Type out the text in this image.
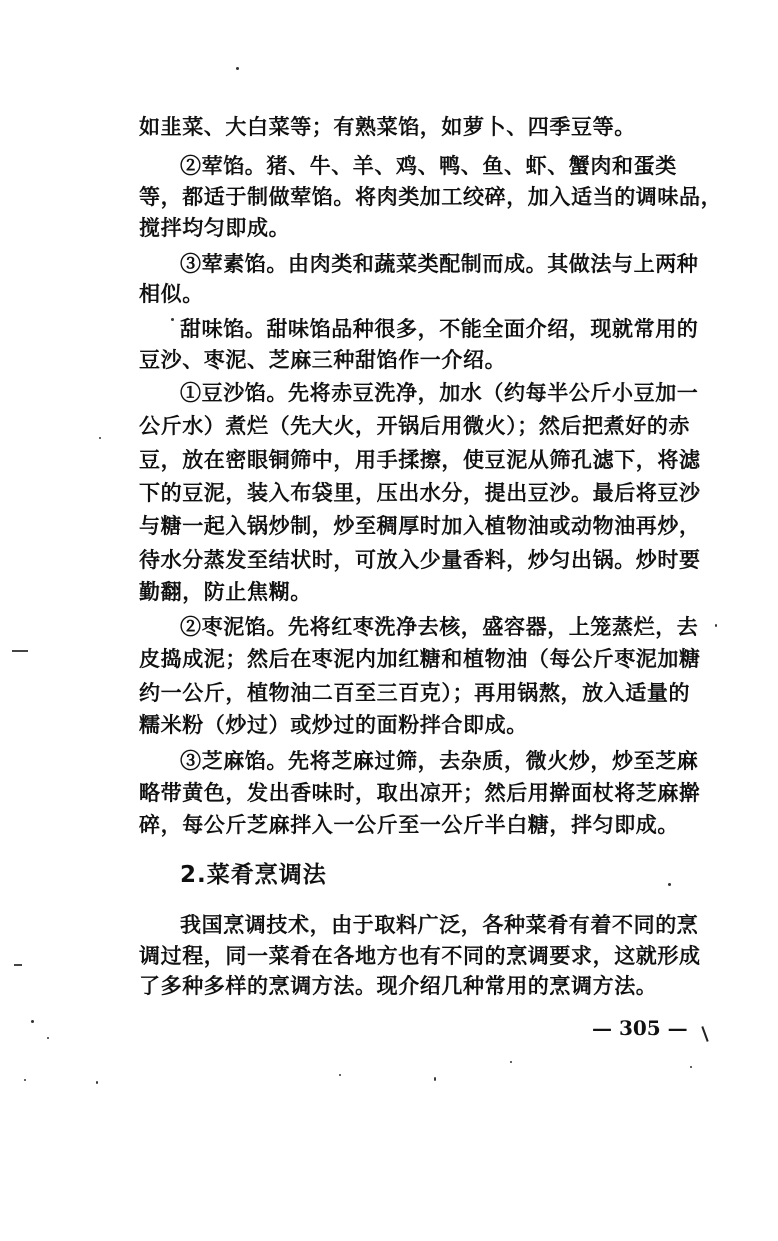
如韭菜、大白菜等；有熟菜馅，如萝卜、四季豆等。
②荤馅。猪、牛、羊、鸡、鸭、鱼、虾、蟹肉和蛋类
等，都适于制做荤馅。将肉类加工绞碎，加入适当的调味品，
搅拌均匀即成。
③荤素馅。由肉类和蔬菜类配制而成。其做法与上两种
相似。
甜味馅。甜味馅品种很多，不能全面介绍，现就常用的
豆沙、枣泥、芝麻三种甜馅作一介绍。
①豆沙馅。先将赤豆洗净，加水（约每半公斤小豆加一
公斤水）煮烂（先大火，开锅后用微火）；然后把煮好的赤
豆，放在密眼铜筛中，用手揉擦，使豆泥从筛孔滤下，将滤
下的豆泥，装入布袋里，压出水分，提出豆沙。最后将豆沙
与糖一起入锅炒制，炒至稠厚时加入植物油或动物油再炒，
待水分蒸发至结状时，可放入少量香料，炒匀出锅。炒时要
勤翻，防止焦糊。
②枣泥馅。先将红枣洗净去核，盛容器，上笼蒸烂，去
皮捣成泥；然后在枣泥内加红糖和植物油（每公斤枣泥加糖
约一公斤，植物油二百至三百克）；再用锅熬，放入适量的
糯米粉（炒过）或炒过的面粉拌合即成。
③芝麻馅。先将芝麻过筛，去杂质，微火炒，炒至芝麻
略带黄色，发出香味时，取出凉开；然后用擀面杖将芝麻擀
碎，每公斤芝麻拌入一公斤至一公斤半白糖，拌匀即成。
2.菜肴烹调法
我国烹调技术，由于取料广泛，各种菜肴有着不同的烹
调过程，同一菜肴在各地方也有不同的烹调要求，这就形成
了多种多样的烹调方法。现介绍几种常用的烹调方法。
— 305 —
